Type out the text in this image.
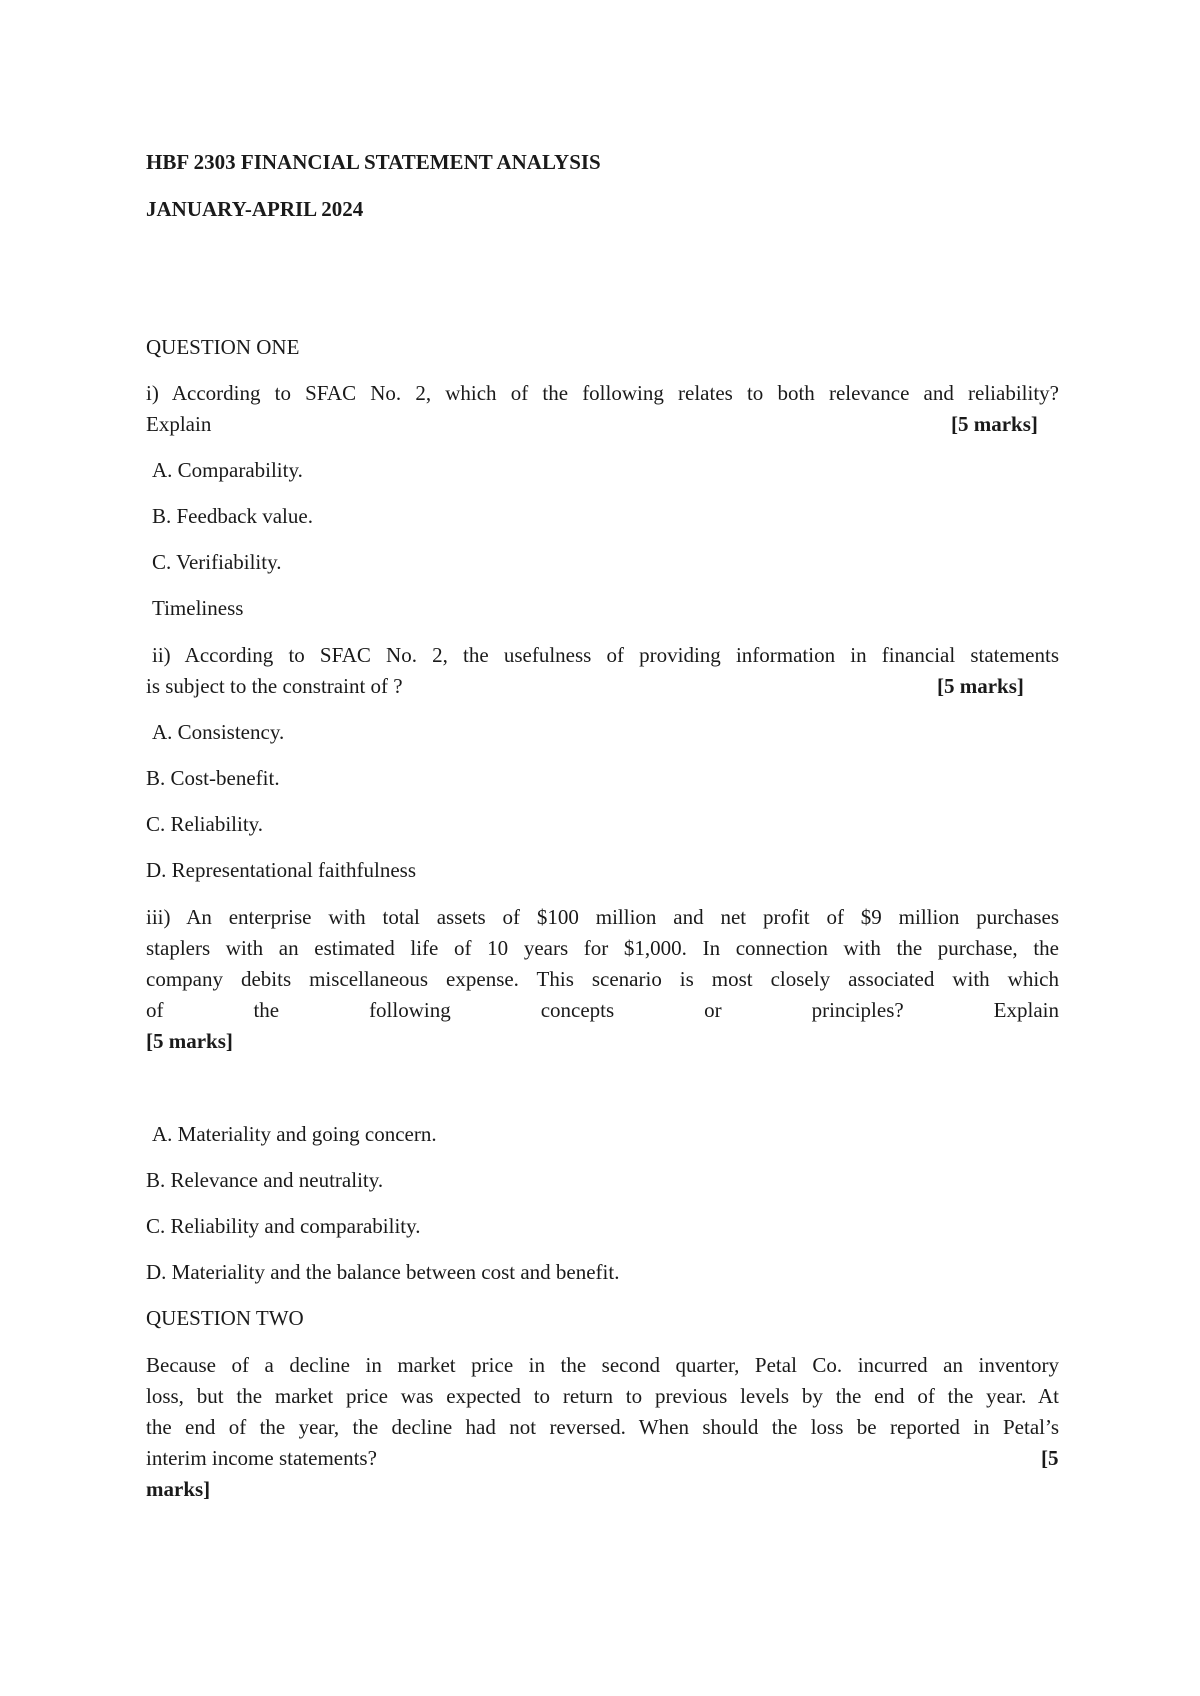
HBF 2303 FINANCIAL STATEMENT ANALYSIS
JANUARY-APRIL 2024
QUESTION ONE
i) According to SFAC No. 2, which of the following relates to both relevance and reliability?
Explain	[5 marks]
A. Comparability.
B. Feedback value.
C. Verifiability.
Timeliness
ii) According to SFAC No. 2, the usefulness of providing information in financial statements
is subject to the constraint of ?	[5 marks]
A. Consistency.
B. Cost-benefit.
C. Reliability.
D. Representational faithfulness
iii) An enterprise with total assets of $100 million and net profit of $9 million purchases
staplers with an estimated life of 10 years for $1,000. In connection with the purchase, the
company debits miscellaneous expense. This scenario is most closely associated with which
of	the	following	concepts	or	principles?	Explain
[5 marks]
A. Materiality and going concern.
B. Relevance and neutrality.
C. Reliability and comparability.
D. Materiality and the balance between cost and benefit.
QUESTION TWO
Because of a decline in market price in the second quarter, Petal Co. incurred an inventory
loss, but the market price was expected to return to previous levels by the end of the year. At
the end of the year, the decline had not reversed. When should the loss be reported in Petal’s
interim income statements?	[5
marks]
